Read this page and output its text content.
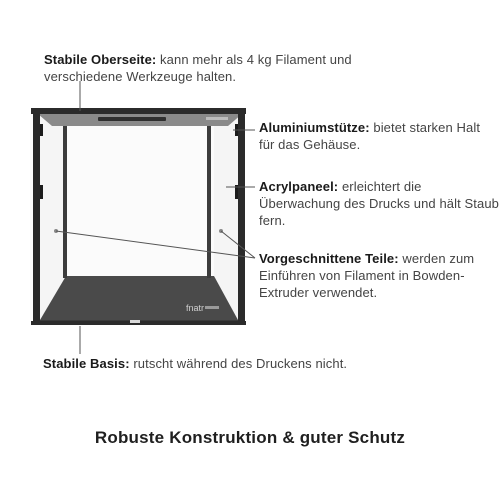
fnatr
Stabile Oberseite: kann mehr als 4 kg Filament und verschiedene Werkzeuge halten.
Aluminiumstütze: bietet starken Halt für das Gehäuse.
Acrylpaneel: erleichtert die Überwachung des Drucks und hält Staub fern.
Vorgeschnittene Teile: werden zum Einführen von Filament in Bowden-Extruder verwendet.
Stabile Basis: rutscht während des Druckens nicht.
Robuste Konstruktion & guter Schutz
